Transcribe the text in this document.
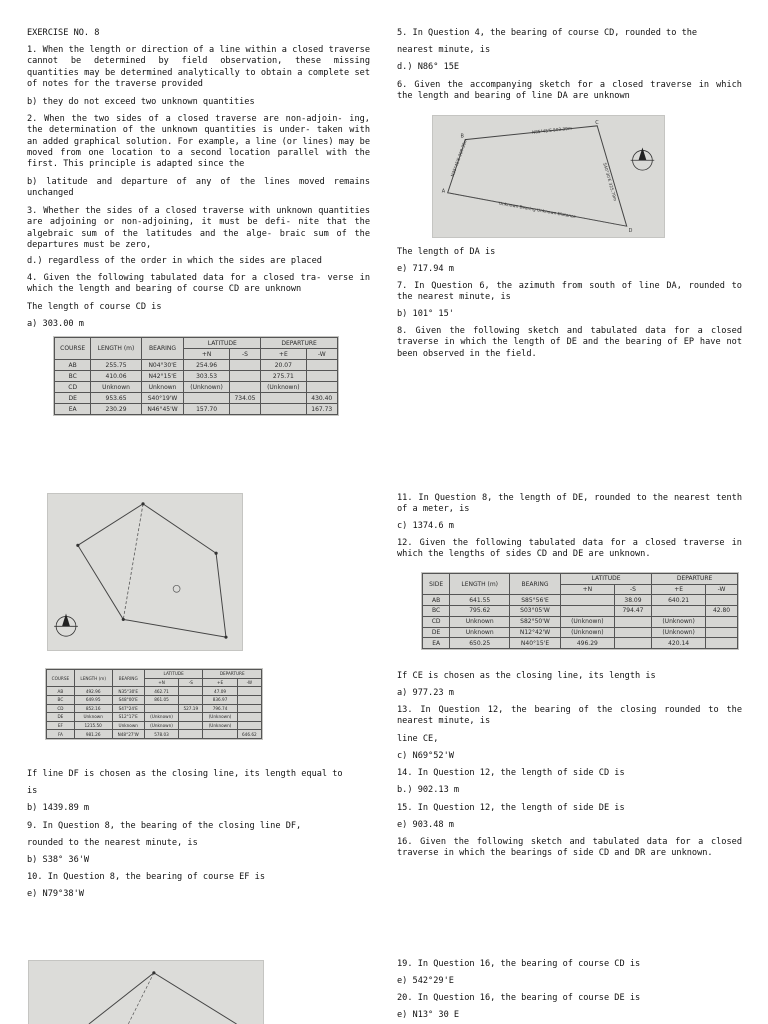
EXERCISE NO. 8

1. When the length or direction of a line within a closed traverse cannot be determined by field observation, these missing quantities may be determined analytically to obtain a complete set of notes for the traverse provided

b) they do not exceed two unknown quantities

2. When the two sides of a closed traverse are non-adjoin- ing, the determination of the unknown quantities is under- taken with an added graphical solution. For example, a line (or lines) may be moved from one location to a second location parallel with the first. This principle is adapted since the

b) latitude and departure of any of the lines moved remains unchanged

3. Whether the sides of a closed traverse with unknown quantities are adjoining or non-adjoining, it must be defi- nite that the algebraic sum of the latitudes and the alge- braic sum of the departures must be zero,

d.) regardless of the order in which the sides are placed

4. Given the following tabulated data for a closed tra- verse in which the length and bearing of course CD are unknown

The length of course CD is

a) 303.00 m

COURSE	LENGTH (m)	BEARING	LATITUDE		DEPARTURE	
			+N	-S	+E	-W
AB	255.75	N04°30'E	254.96		20.07	
BC	410.06	N42°15'E	303.53		275.71	
CD	Unknown	Unknown	(Unknown)		(Unknown)	
DE	953.65	S40°19'W		734.05		430.40
EA	230.29	N46°45'W	157.70			167.73
COURSE	LENGTH (m)	BEARING	LATITUDE		DEPARTURE	
			+N	-S	+E	-W
AB	492.96	N35°30'E	462.71		47.09	
BC	649.95	S48°00'E	861.05		836.97	
CD	852.16	S47°24'E		527.19	796.74	
DE	Unknown	S12°17'E	(Unknown)		(Unknown)	
EF	1215.50	Unknown	(Unknown)		(Unknown)	
FA	981.26	N48°27'W	578.03			646.62

If line DF is chosen as the closing line, its length equal to

is

b) 1439.89 m

9. In Question 8, the bearing of the closing line DF,

rounded to the nearest minute, is

b) S38° 36'W

10. In Question 8, the bearing of course EF is

e) N79°38'W

5. In Question 4, the bearing of course CD, rounded to the

nearest minute, is

d.) N86° 15E

6. Given the accompanying sketch for a closed traverse in which the length and bearing of line DA are unknown

A
B
C
D
N85°45'E 503.39m
N35°45'E 309.38m
S40°30'E 325.79m
Unknown Bearing Unknown Distance

The length of DA is

e) 717.94 m

7. In Question 6, the azimuth from south of line DA, rounded to the nearest minute, is

b) 101° 15'

8. Given the following sketch and tabulated data for a closed traverse in which the length of DE and the bearing of EP have not been observed in the field.

11. In Question 8, the length of DE, rounded to the nearest tenth of a meter, is

c) 1374.6 m

12. Given the following tabulated data for a closed traverse in which the lengths of sides CD and DE are unknown.

SIDE	LENGTH (m)	BEARING	LATITUDE		DEPARTURE	
			+N	-S	+E	-W
AB	641.55	S85°56'E		38.09	640.21	
BC	795.62	S03°05'W		794.47		42.80
CD	Unknown	S82°50'W	(Unknown)		(Unknown)	
DE	Unknown	N12°42'W	(Unknown)		(Unknown)	
EA	650.25	N40°15'E	496.29		420.14	

If CE is chosen as the closing line, its length is

a) 977.23 m

13. In Question 12, the bearing of the closing rounded to the nearest minute, is

line CE,

c) N69°52'W

14. In Question 12, the length of side CD is

b.) 902.13 m

15. In Question 12, the length of side DE is

e) 903.48 m

16. Given the following sketch and tabulated data for a closed traverse in which the bearings of side CD and DR are unknown.

19. In Question 16, the bearing of course CD is

e) 542°29'E

20. In Question 16, the bearing of course DE is

e) N13° 30 E
